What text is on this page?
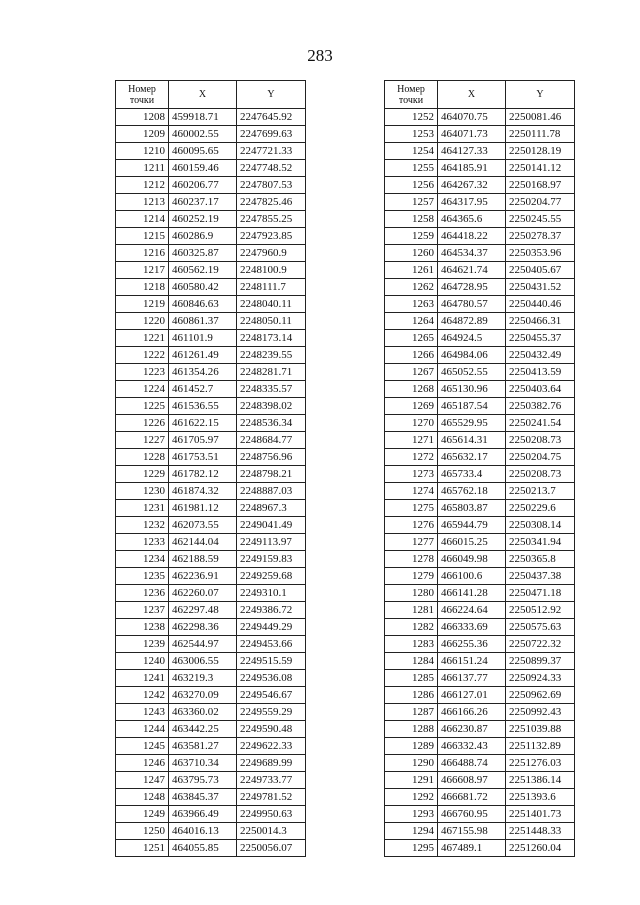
283
Номер
точки	X	Y
1208	459918.71	2247645.92
1209	460002.55	2247699.63
1210	460095.65	2247721.33
1211	460159.46	2247748.52
1212	460206.77	2247807.53
1213	460237.17	2247825.46
1214	460252.19	2247855.25
1215	460286.9	2247923.85
1216	460325.87	2247960.9
1217	460562.19	2248100.9
1218	460580.42	2248111.7
1219	460846.63	2248040.11
1220	460861.37	2248050.11
1221	461101.9	2248173.14
1222	461261.49	2248239.55
1223	461354.26	2248281.71
1224	461452.7	2248335.57
1225	461536.55	2248398.02
1226	461622.15	2248536.34
1227	461705.97	2248684.77
1228	461753.51	2248756.96
1229	461782.12	2248798.21
1230	461874.32	2248887.03
1231	461981.12	2248967.3
1232	462073.55	2249041.49
1233	462144.04	2249113.97
1234	462188.59	2249159.83
1235	462236.91	2249259.68
1236	462260.07	2249310.1
1237	462297.48	2249386.72
1238	462298.36	2249449.29
1239	462544.97	2249453.66
1240	463006.55	2249515.59
1241	463219.3	2249536.08
1242	463270.09	2249546.67
1243	463360.02	2249559.29
1244	463442.25	2249590.48
1245	463581.27	2249622.33
1246	463710.34	2249689.99
1247	463795.73	2249733.77
1248	463845.37	2249781.52
1249	463966.49	2249950.63
1250	464016.13	2250014.3
1251	464055.85	2250056.07
Номер
точки	X	Y
1252	464070.75	2250081.46
1253	464071.73	2250111.78
1254	464127.33	2250128.19
1255	464185.91	2250141.12
1256	464267.32	2250168.97
1257	464317.95	2250204.77
1258	464365.6	2250245.55
1259	464418.22	2250278.37
1260	464534.37	2250353.96
1261	464621.74	2250405.67
1262	464728.95	2250431.52
1263	464780.57	2250440.46
1264	464872.89	2250466.31
1265	464924.5	2250455.37
1266	464984.06	2250432.49
1267	465052.55	2250413.59
1268	465130.96	2250403.64
1269	465187.54	2250382.76
1270	465529.95	2250241.54
1271	465614.31	2250208.73
1272	465632.17	2250204.75
1273	465733.4	2250208.73
1274	465762.18	2250213.7
1275	465803.87	2250229.6
1276	465944.79	2250308.14
1277	466015.25	2250341.94
1278	466049.98	2250365.8
1279	466100.6	2250437.38
1280	466141.28	2250471.18
1281	466224.64	2250512.92
1282	466333.69	2250575.63
1283	466255.36	2250722.32
1284	466151.24	2250899.37
1285	466137.77	2250924.33
1286	466127.01	2250962.69
1287	466166.26	2250992.43
1288	466230.87	2251039.88
1289	466332.43	2251132.89
1290	466488.74	2251276.03
1291	466608.97	2251386.14
1292	466681.72	2251393.6
1293	466760.95	2251401.73
1294	467155.98	2251448.33
1295	467489.1	2251260.04
